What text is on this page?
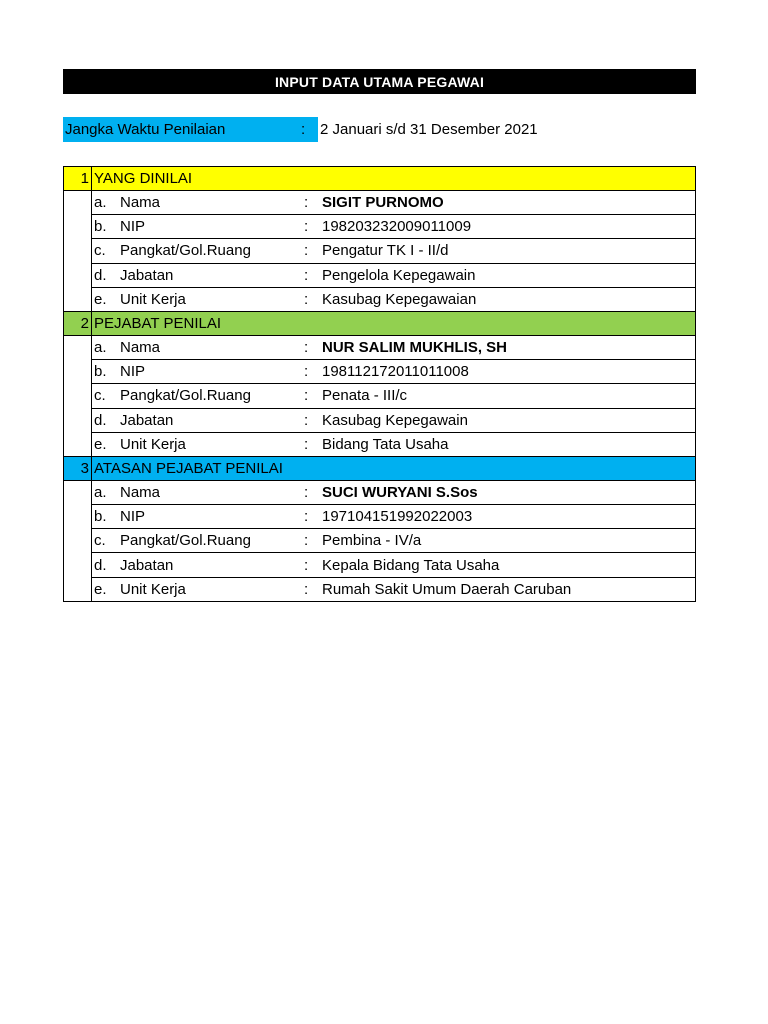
INPUT DATA UTAMA PEGAWAI
Jangka Waktu Penilaian	: 2 Januari s/d 31 Desember 2021
1 YANG DINILAI
a. Nama	: SIGIT PURNOMO
b. NIP	: 198203232009011009
c. Pangkat/Gol.Ruang	: Pengatur TK I - II/d
d. Jabatan	: Pengelola Kepegawain
e. Unit Kerja	: Kasubag Kepegawaian
2 PEJABAT PENILAI
a. Nama	: NUR SALIM MUKHLIS, SH
b. NIP	: 198112172011011008
c. Pangkat/Gol.Ruang	: Penata - III/c
d. Jabatan	: Kasubag Kepegawain
e. Unit Kerja	: Bidang Tata Usaha
3 ATASAN PEJABAT PENILAI
a. Nama	: SUCI WURYANI S.Sos
b. NIP	: 197104151992022003
c. Pangkat/Gol.Ruang	: Pembina - IV/a
d. Jabatan	: Kepala Bidang Tata Usaha
e. Unit Kerja	: Rumah Sakit Umum Daerah Caruban
